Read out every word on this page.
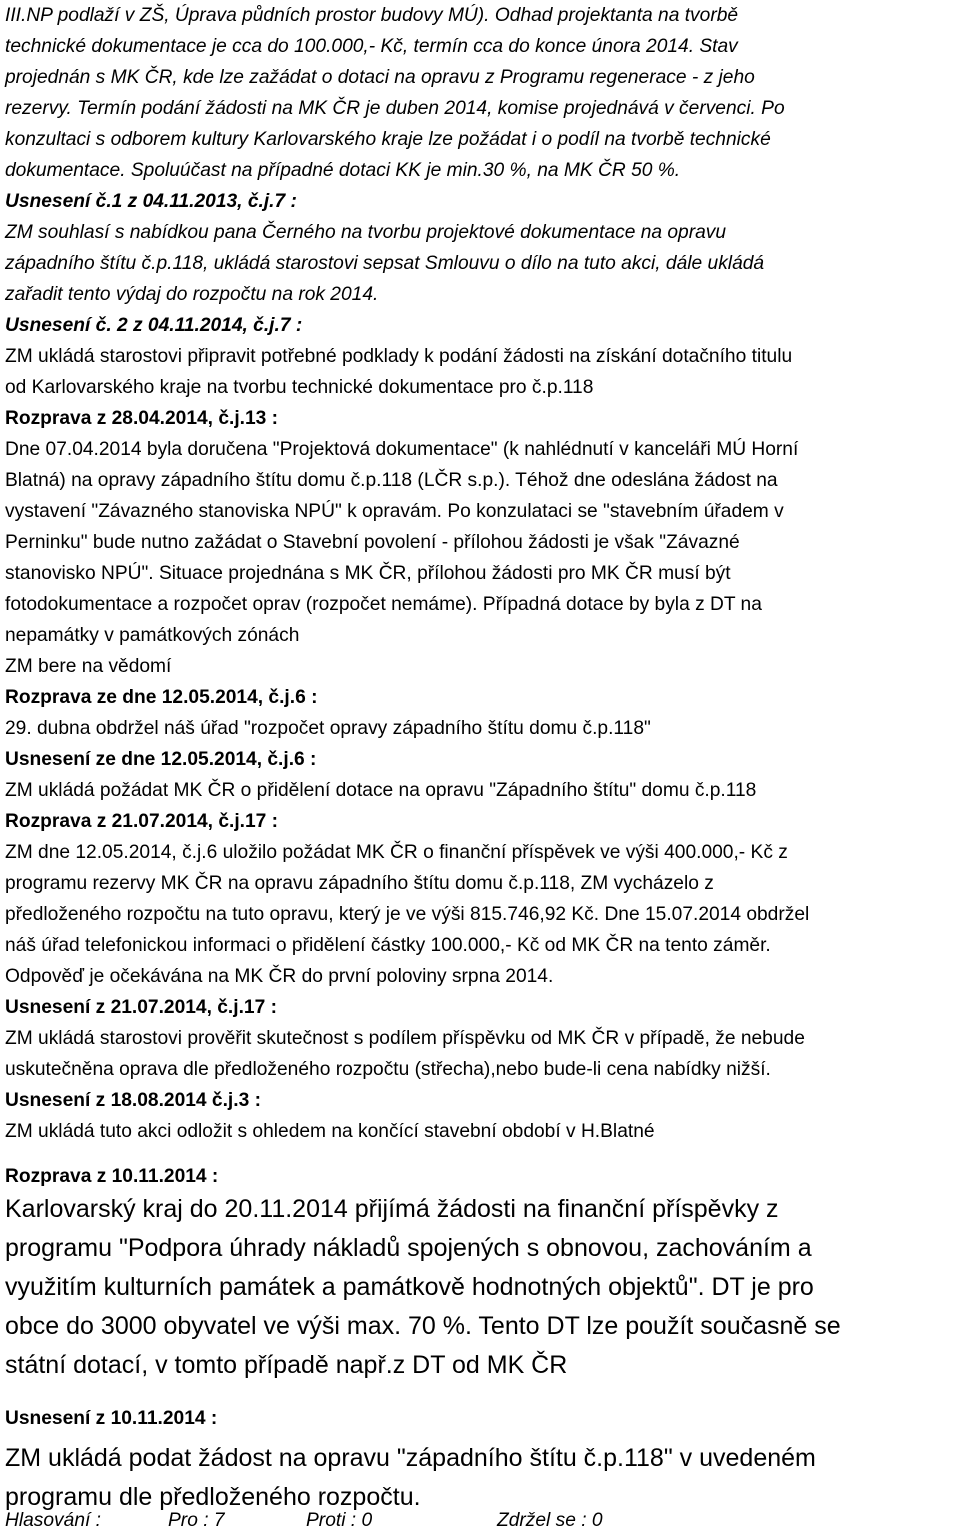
III.NP podlaží v ZŠ, Úprava půdních prostor budovy MÚ). Odhad projektanta na tvorbě

technické dokumentace je cca do 100.000,- Kč, termín cca do konce února 2014. Stav

projednán s MK ČR, kde lze zažádat o dotaci na opravu z Programu regenerace - z jeho

rezervy. Termín podání žádosti na MK ČR je duben 2014, komise projednává v červenci. Po

konzultaci s odborem kultury Karlovarského kraje lze požádat i o podíl na tvorbě technické

dokumentace. Spoluúčast na případné dotaci KK je min.30 %, na MK ČR 50 %.

Usnesení č.1 z 04.11.2013, č.j.7 :

ZM souhlasí s nabídkou pana Černého na tvorbu projektové dokumentace na opravu

západního štítu č.p.118, ukládá starostovi sepsat Smlouvu o dílo na tuto akci, dále ukládá

zařadit tento výdaj do rozpočtu na rok 2014.

Usnesení č. 2 z 04.11.2014, č.j.7 :

ZM ukládá starostovi připravit potřebné podklady k podání žádosti na získání dotačního titulu

od Karlovarského kraje na tvorbu technické dokumentace pro č.p.118

Rozprava z 28.04.2014, č.j.13 :

Dne 07.04.2014 byla doručena "Projektová dokumentace" (k nahlédnutí v kanceláři MÚ Horní

Blatná) na opravy západního štítu domu č.p.118 (LČR s.p.). Téhož dne odeslána žádost na

vystavení "Závazného stanoviska NPÚ" k opravám. Po konzulataci se "stavebním úřadem v

Perninku" bude nutno zažádat o Stavební povolení - přílohou žádosti je však "Závazné

stanovisko NPÚ". Situace projednána s MK ČR, přílohou žádosti pro MK ČR musí být

fotodokumentace a rozpočet oprav (rozpočet nemáme). Případná dotace by byla z DT na

nepamátky v památkových zónách

ZM bere na vědomí

Rozprava ze dne 12.05.2014, č.j.6 :

29. dubna obdržel náš úřad "rozpočet opravy západního štítu domu č.p.118"

Usnesení ze dne 12.05.2014, č.j.6 :

ZM ukládá požádat MK ČR o přidělení dotace na opravu "Západního štítu" domu č.p.118

Rozprava z 21.07.2014, č.j.17 :

ZM dne 12.05.2014, č.j.6 uložilo požádat MK ČR o finanční příspěvek ve výši 400.000,- Kč z

programu rezervy MK ČR na opravu západního štítu domu č.p.118, ZM vycházelo z

předloženého rozpočtu na tuto opravu, který je ve výši 815.746,92 Kč. Dne 15.07.2014 obdržel

náš úřad telefonickou informaci o přidělení částky 100.000,- Kč od MK ČR na tento záměr.

Odpověď je očekávána na MK ČR do první poloviny srpna 2014.

Usnesení z 21.07.2014, č.j.17 :

ZM ukládá starostovi prověřit skutečnost s podílem příspěvku od MK ČR v případě, že nebude

uskutečněna oprava dle předloženého rozpočtu (střecha),nebo bude-li cena nabídky nižší.

Usnesení z 18.08.2014 č.j.3 :

ZM ukládá tuto akci odložit s ohledem na končící stavební období v H.Blatné

Rozprava z 10.11.2014 :

Karlovarský kraj do 20.11.2014 přijímá žádosti na finanční příspěvky z

programu "Podpora úhrady nákladů spojených s obnovou, zachováním a

využitím kulturních památek a památkově hodnotných objektů". DT je pro

obce do 3000 obyvatel ve výši max. 70 %. Tento DT lze použít současně se

státní dotací, v tomto případě např.z DT od MK ČR

Usnesení z 10.11.2014 :

ZM ukládá podat žádost na opravu "západního štítu č.p.118" v uvedeném

programu dle předloženého rozpočtu.

Hlasování :	Pro : 7	Proti : 0	Zdržel se : 0
